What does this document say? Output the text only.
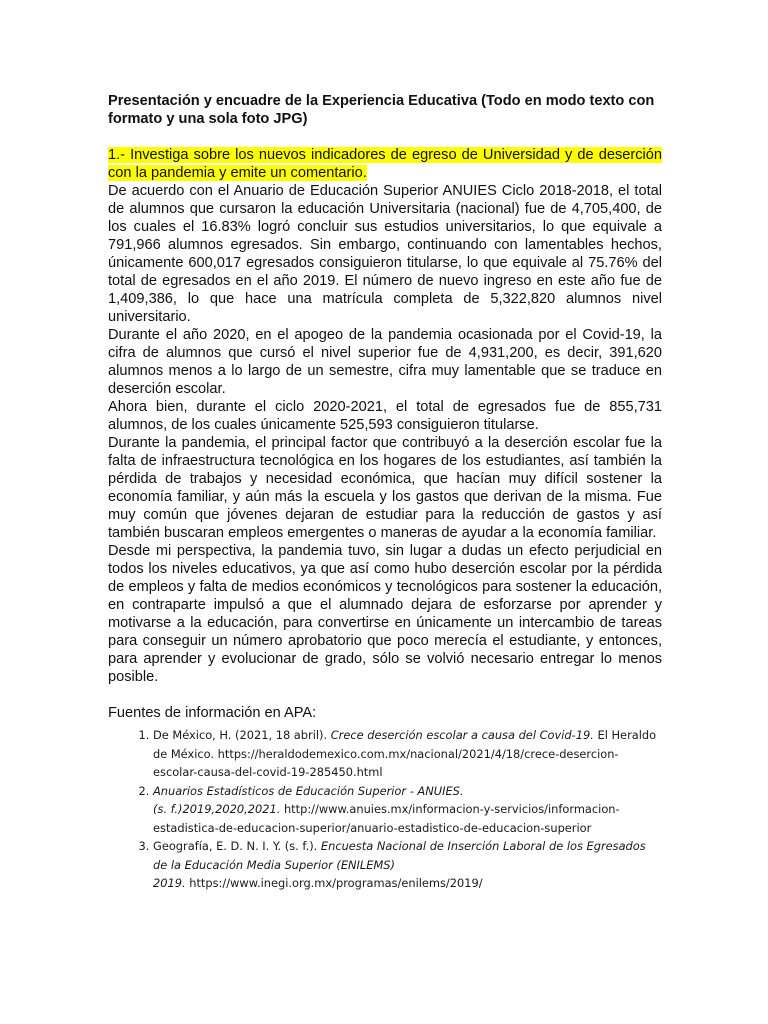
Presentación y encuadre de la Experiencia Educativa (Todo en modo texto con formato y una sola foto JPG)

1.- Investiga sobre los nuevos indicadores de egreso de Universidad y de deserción con la pandemia y emite un comentario.

De acuerdo con el Anuario de Educación Superior ANUIES Ciclo 2018-2018, el total de alumnos que cursaron la educación Universitaria (nacional) fue de 4,705,400, de los cuales el 16.83% logró concluir sus estudios universitarios, lo que equivale a 791,966 alumnos egresados. Sin embargo, continuando con lamentables hechos, únicamente 600,017 egresados consiguieron titularse, lo que equivale al 75.76% del total de egresados en el año 2019. El número de nuevo ingreso en este año fue de 1,409,386, lo que hace una matrícula completa de 5,322,820 alumnos nivel universitario.

Durante el año 2020, en el apogeo de la pandemia ocasionada por el Covid-19, la cifra de alumnos que cursó el nivel superior fue de 4,931,200, es decir, 391,620 alumnos menos a lo largo de un semestre, cifra muy lamentable que se traduce en deserción escolar.

Ahora bien, durante el ciclo 2020-2021, el total de egresados fue de 855,731 alumnos, de los cuales únicamente 525,593 consiguieron titularse.

Durante la pandemia, el principal factor que contribuyó a la deserción escolar fue la falta de infraestructura tecnológica en los hogares de los estudiantes, así también la pérdida de trabajos y necesidad económica, que hacían muy difícil sostener la economía familiar, y aún más la escuela y los gastos que derivan de la misma. Fue muy común que jóvenes dejaran de estudiar para la reducción de gastos y así también buscaran empleos emergentes o maneras de ayudar a la economía familiar.

Desde mi perspectiva, la pandemia tuvo, sin lugar a dudas un efecto perjudicial en todos los niveles educativos, ya que así como hubo deserción escolar por la pérdida de empleos y falta de medios económicos y tecnológicos para sostener la educación, en contraparte impulsó a que el alumnado dejara de esforzarse por aprender y motivarse a la educación, para convertirse en únicamente un intercambio de tareas para conseguir un número aprobatorio que poco merecía el estudiante, y entonces, para aprender y evolucionar de grado, sólo se volvió necesario entregar lo menos posible.

Fuentes de información en APA:

1. De México, H. (2021, 18 abril). Crece deserción escolar a causa del Covid-19. El Heraldo de México. https://heraldodemexico.com.mx/nacional/2021/4/18/crece-desercion-escolar-causa-del-covid-19-285450.html
2. Anuarios Estadísticos de Educación Superior - ANUIES.
(s. f.)2019,2020,2021. http://www.anuies.mx/informacion-y-servicios/informacion-estadistica-de-educacion-superior/anuario-estadistico-de-educacion-superior
3. Geografía, E. D. N. I. Y. (s. f.). Encuesta Nacional de Inserción Laboral de los Egresados de la Educación Media Superior (ENILEMS)
2019. https://www.inegi.org.mx/programas/enilems/2019/
